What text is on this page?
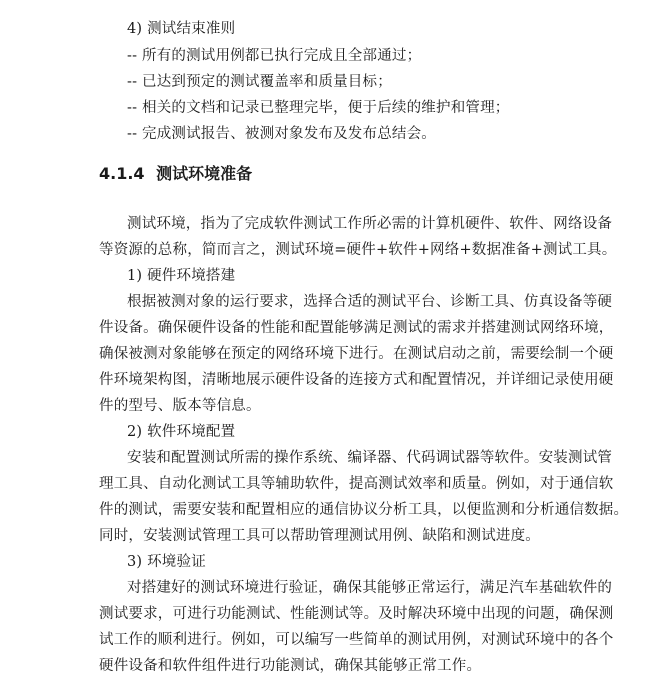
4) 测试结束准则
-- 所有的测试用例都已执行完成且全部通过；
-- 已达到预定的测试覆盖率和质量目标；
-- 相关的文档和记录已整理完毕，便于后续的维护和管理；
-- 完成测试报告、被测对象发布及发布总结会。
4.1.4 测试环境准备
测试环境，指为了完成软件测试工作所必需的计算机硬件、软件、网络设备
等资源的总称，简而言之，测试环境=硬件+软件+网络+数据准备+测试工具。
1) 硬件环境搭建
根据被测对象的运行要求，选择合适的测试平台、诊断工具、仿真设备等硬
件设备。确保硬件设备的性能和配置能够满足测试的需求并搭建测试网络环境，
确保被测对象能够在预定的网络环境下进行。在测试启动之前，需要绘制一个硬
件环境架构图，清晰地展示硬件设备的连接方式和配置情况，并详细记录使用硬
件的型号、版本等信息。
2) 软件环境配置
安装和配置测试所需的操作系统、编译器、代码调试器等软件。安装测试管
理工具、自动化测试工具等辅助软件，提高测试效率和质量。例如，对于通信软
件的测试，需要安装和配置相应的通信协议分析工具，以便监测和分析通信数据。
同时，安装测试管理工具可以帮助管理测试用例、缺陷和测试进度。
3) 环境验证
对搭建好的测试环境进行验证，确保其能够正常运行，满足汽车基础软件的
测试要求，可进行功能测试、性能测试等。及时解决环境中出现的问题，确保测
试工作的顺利进行。例如，可以编写一些简单的测试用例，对测试环境中的各个
硬件设备和软件组件进行功能测试，确保其能够正常工作。
